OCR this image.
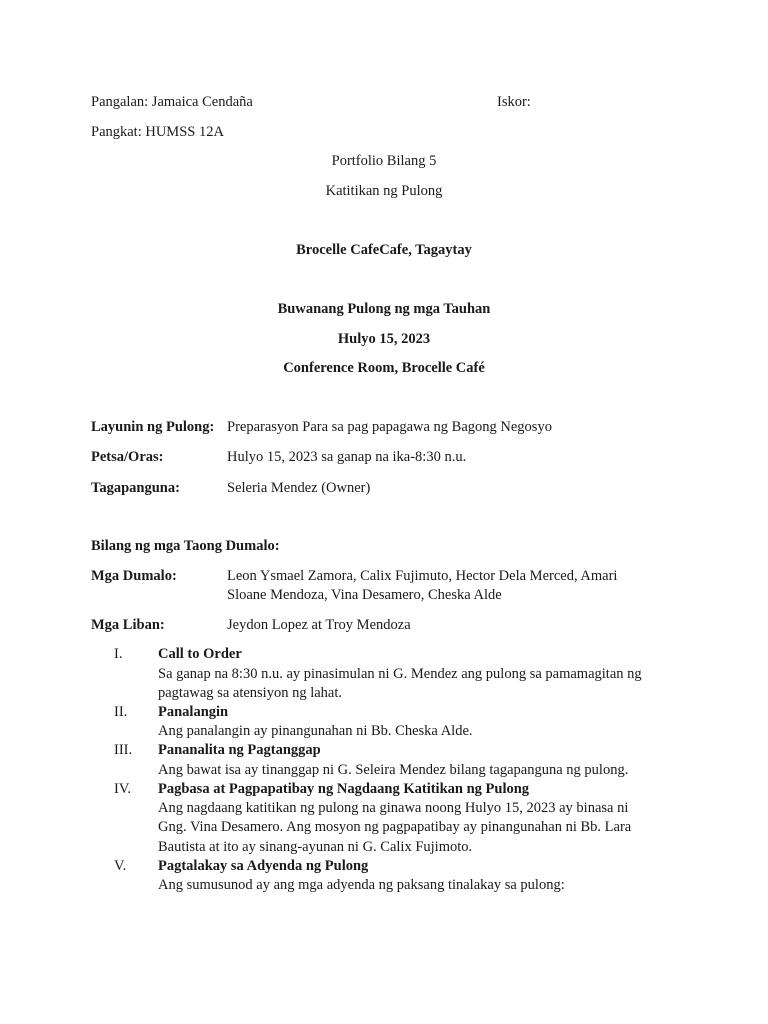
Pangalan: Jamaica Cendaña	Iskor:
Pangkat: HUMSS 12A
Portfolio Bilang 5
Katitikan ng Pulong
Brocelle CafeCafe, Tagaytay
Buwanang Pulong ng mga Tauhan
Hulyo 15, 2023
Conference Room, Brocelle Café
Layunin ng Pulong: Preparasyon Para sa pag papagawa ng Bagong Negosyo
Petsa/Oras:	Hulyo 15, 2023 sa ganap na ika-8:30 n.u.
Tagapanguna:	Seleria Mendez (Owner)
Bilang ng mga Taong Dumalo:
Mga Dumalo:	Leon Ysmael Zamora, Calix Fujimuto, Hector Dela Merced, Amari
Sloane Mendoza, Vina Desamero, Cheska Alde
Mga Liban:	Jeydon Lopez at Troy Mendoza
I. Call to Order
Sa ganap na 8:30 n.u. ay pinasimulan ni G. Mendez ang pulong sa pamamagitan ng
pagtawag sa atensiyon ng lahat.
II. Panalangin
Ang panalangin ay pinangunahan ni Bb. Cheska Alde.
III. Pananalita ng Pagtanggap
Ang bawat isa ay tinanggap ni G. Seleira Mendez bilang tagapanguna ng pulong.
IV. Pagbasa at Pagpapatibay ng Nagdaang Katitikan ng Pulong
Ang nagdaang katitikan ng pulong na ginawa noong Hulyo 15, 2023 ay binasa ni
Gng. Vina Desamero. Ang mosyon ng pagpapatibay ay pinangunahan ni Bb. Lara
Bautista at ito ay sinang-ayunan ni G. Calix Fujimoto.
V. Pagtalakay sa Adyenda ng Pulong
Ang sumusunod ay ang mga adyenda ng paksang tinalakay sa pulong:
